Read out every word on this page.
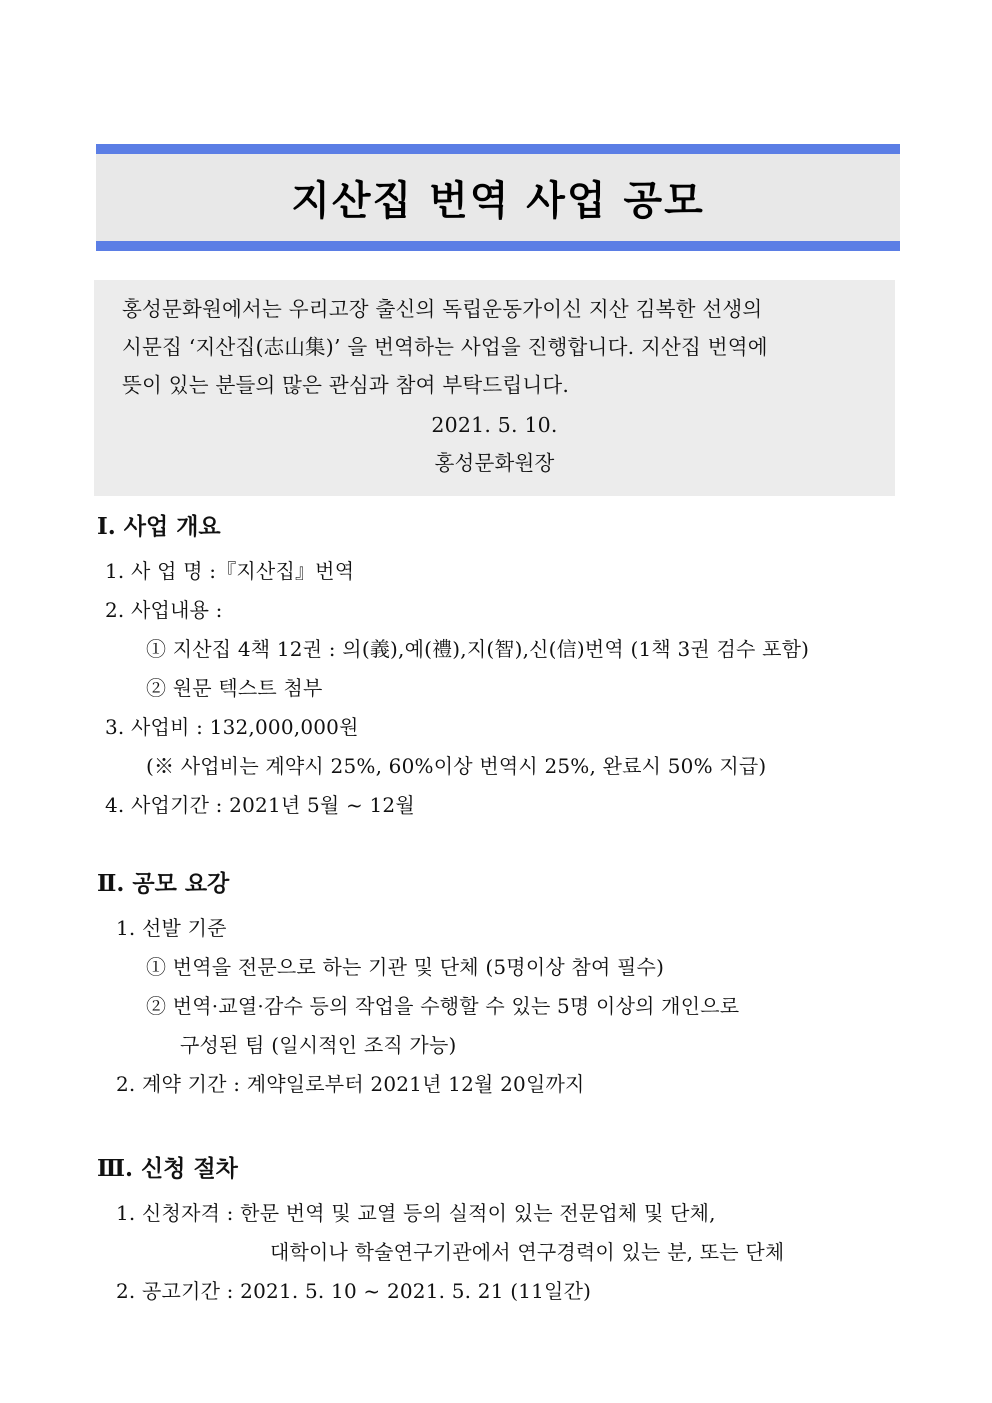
지산집 번역 사업 공모

홍성문화원에서는 우리고장 출신의 독립운동가이신 지산 김복한 선생의

시문집 ‘지산집(志山集)’ 을 번역하는 사업을 진행합니다. 지산집 번역에

뜻이 있는 분들의 많은 관심과 참여 부탁드립니다.

2021. 5. 10.

홍성문화원장

Ⅰ. 사업 개요
1. 사 업 명 :『지산집』번역
2. 사업내용 :
① 지산집 4책 12권 : 의(義),예(禮),지(智),신(信)번역 (1책 3권 검수 포함)
② 원문 텍스트 첨부
3. 사업비 : 132,000,000원
(※ 사업비는 계약시 25%, 60%이상 번역시 25%, 완료시 50% 지급)
4. 사업기간 : 2021년 5월 ~ 12월
Ⅱ. 공모 요강
1. 선발 기준
① 번역을 전문으로 하는 기관 및 단체 (5명이상 참여 필수)
② 번역·교열·감수 등의 작업을 수행할 수 있는 5명 이상의 개인으로
구성된 팀 (일시적인 조직 가능)
2. 계약 기간 : 계약일로부터 2021년 12월 20일까지
Ⅲ. 신청 절차
1. 신청자격 : 한문 번역 및 교열 등의 실적이 있는 전문업체 및 단체,
대학이나 학술연구기관에서 연구경력이 있는 분, 또는 단체
2. 공고기간 : 2021. 5. 10 ~ 2021. 5. 21 (11일간)
